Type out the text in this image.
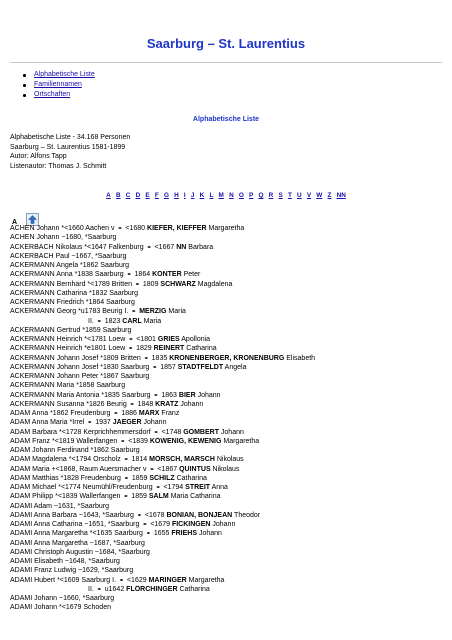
Saarburg – St. Laurentius
Alphabetische Liste
Familiennamen
Ortschaften
Alphabetische Liste
Alphabetische Liste - 34.168 Personen
Saarburg – St. Laurentius 1581-1899
Autor: Alfons Tapp
Listenautor: Thomas J. Schmitt
A B C D E F G H I J K L M N O P Q R S T U V W Z NN
A
ACHEN Johann *<1660 Aachen v ⚭ <1680 KIEFER, KIEFFER Margaretha
ACHEN Johann ~1680, *Saarburg
ACKERBACH Nikolaus *<1647 Falkenburg ⚭ <1667 NN Barbara
ACKERBACH Paul ~1667, *Saarburg
ACKERMANN Angela *1862 Saarburg
ACKERMANN Anna *1838 Saarburg ⚭ 1864 KONTER Peter
ACKERMANN Bernhard *<1789 Britten ⚭ 1809 SCHWARZ Magdalena
ACKERMANN Catharina *1832 Saarburg
ACKERMANN Friedrich *1864 Saarburg
ACKERMANN Georg *u1783 Beurig I. ⚭ MERZIG Maria
II. ⚭ 1823 CARL Maria
ACKERMANN Gertrud *1859 Saarburg
ACKERMANN Heinrich *<1781 Loew ⚭ <1801 GRIES Apollonia
ACKERMANN Heinrich *e1801 Loew ⚭ 1829 REINERT Catharina
ACKERMANN Johann Josef *1809 Britten ⚭ 1835 KRONENBERGER, KRONENBURG Elisabeth
ACKERMANN Johann Josef *1830 Saarburg ⚭ 1857 STADTFELDT Angela
ACKERMANN Johann Peter *1867 Saarburg
ACKERMANN Maria *1858 Saarburg
ACKERMANN Maria Antonia *1835 Saarburg ⚭ 1863 BIER Johann
ACKERMANN Susanna *1826 Beurig ⚭ 1848 KRATZ Johann
ADAM Anna *1862 Freudenburg ⚭ 1886 MARX Franz
ADAM Anna Maria *Irrel ⚭ 1937 JAEGER Johann
ADAM Barbara *<1728 Kerprichhemmersdorf ⚭ <1748 GOMBERT Johann
ADAM Franz *<1819 Wallerfangen ⚭ <1839 KÖWENIG, KEWENIG Margaretha
ADAM Johann Ferdinand *1862 Saarburg
ADAM Magdalena *<1794 Orscholz ⚭ 1814 MÖRSCH, MARSCH Nikolaus
ADAM Maria +<1868, Raum Auersmacher v ⚭ <1867 QUINTUS Nikolaus
ADAM Matthias *1828 Freudenburg ⚭ 1859 SCHILZ Catharina
ADAM Michael *<1774 Neumühl/Freudenburg ⚭ <1794 STREIT Anna
ADAM Philipp *<1839 Wallerfangen ⚭ 1859 SALM Maria Catharina
ADAMI Adam ~1631, *Saarburg
ADAMI Anna Barbara ~1643, *Saarburg ⚭ <1678 BONIAN, BONJEAN Theodor
ADAMI Anna Catharina ~1651, *Saarburg ⚭ <1679 FICKINGEN Johann
ADAMI Anna Margaretha *<1635 Saarburg ⚭ 1655 FRIEHS Johann
ADAMI Anna Margaretha ~1687, *Saarburg
ADAMI Christoph Augustin ~1684, *Saarburg
ADAMI Elisabeth ~1648, *Saarburg
ADAMI Franz Ludwig ~1629, *Saarburg
ADAMI Hubert *<1609 Saarburg I. ⚭ <1629 MARINGER Margaretha
II. ⚭ u1642 FLÖRCHINGER Catharina
ADAMI Johann ~1660, *Saarburg
ADAMI Johann *<1679 Schoden
